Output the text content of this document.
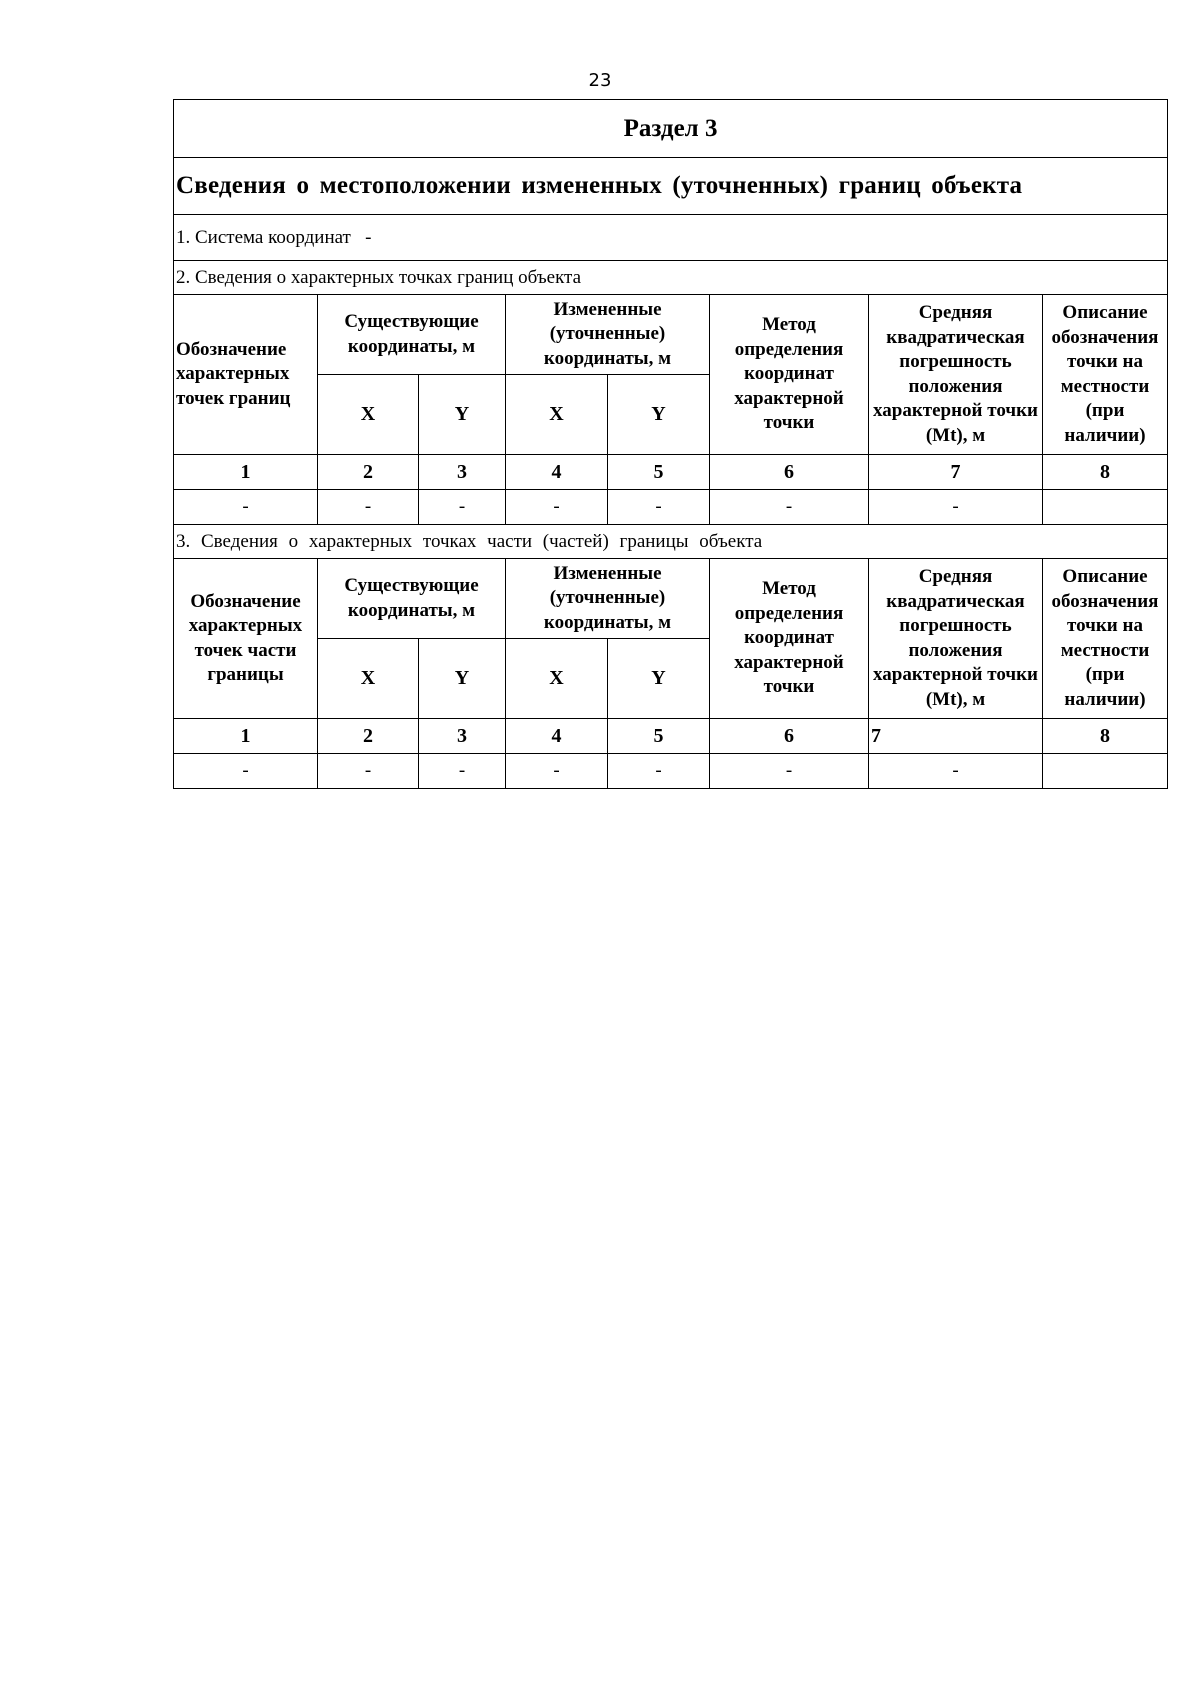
23
Раздел 3							
Сведения о местоположении измененных (уточненных) границ объекта							
1. Система координат   -							
2. Сведения о характерных точках границ объекта							
Обозначение характерных точек границ	Существующие координаты, м		Измененные (уточненные) координаты, м		Метод определения координат характерной точки	Средняя квадратическая погрешность положения характерной точки (Mt), м	Описание обозначения точки на местности (при наличии)
	X	Y	X	Y			
1	2	3	4	5	6	7	8
-	-	-	-	-	-	-	
3. Сведения о характерных точках части (частей) границы объекта							
Обозначение характерных точек части границы	Существующие координаты, м		Измененные (уточненные) координаты, м		Метод определения координат характерной точки	Средняя квадратическая погрешность положения характерной точки (Mt), м	Описание обозначения точки на местности (при наличии)
	X	Y	X	Y			
1	2	3	4	5	6	7	8
-	-	-	-	-	-	-	
